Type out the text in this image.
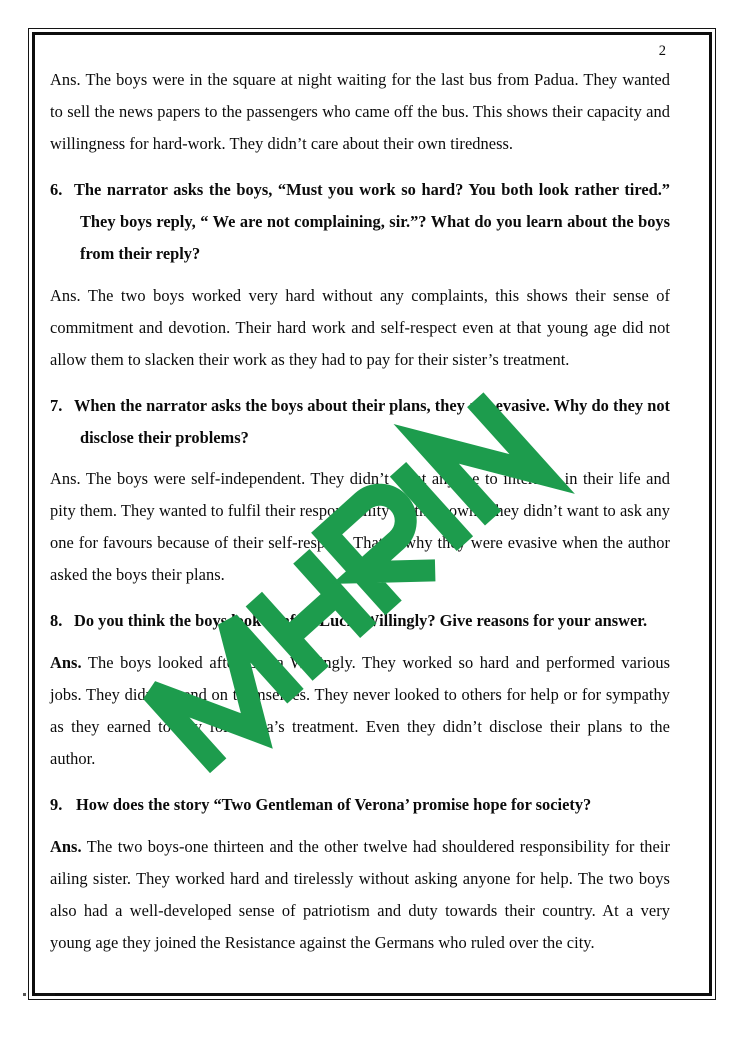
2

Ans. The boys were in the square at night waiting for the last bus from Padua. They wanted to sell the news papers to the passengers who came off the bus. This shows their capacity and willingness for hard-work. They didn’t care about their own tiredness.

6. The narrator asks the boys, “Must you work so hard? You both look rather tired.” They boys reply, “ We are not complaining, sir.”? What do you learn about the boys from their reply?

Ans. The two boys worked very hard without any complaints, this shows their sense of commitment and devotion. Their hard work and self-respect even at that young age did not allow them to slacken their work as they had to pay for their sister’s treatment.

7. When the narrator asks the boys about their plans, they are evasive. Why do they not disclose their problems?

Ans. The boys were self-independent. They didn’t want anyone to interfere in their life and pity them. They wanted to fulfil their responsibility on their own. They didn’t want to ask any one for favours because of their self-respect. That is why they were evasive when the author asked the boys their plans.

8. Do you think the boys looked after Lucia Willingly? Give reasons for your answer.

Ans. The boys looked after Lucia Willingly. They worked so hard and performed various jobs. They didn’t spend on themselves. They never looked to others for help or for sympathy as they earned to pay for Lucia’s treatment. Even they didn’t disclose their plans to the author.

9. How does the story “Two Gentleman of Verona’ promise hope for society?

Ans. The two boys-one thirteen and the other twelve had shouldered responsibility for their ailing sister. They worked hard and tirelessly without asking anyone for help. The two boys also had a well-developed sense of patriotism and duty towards their country. At a very young age they joined the Resistance against the Germans who ruled over the city.
